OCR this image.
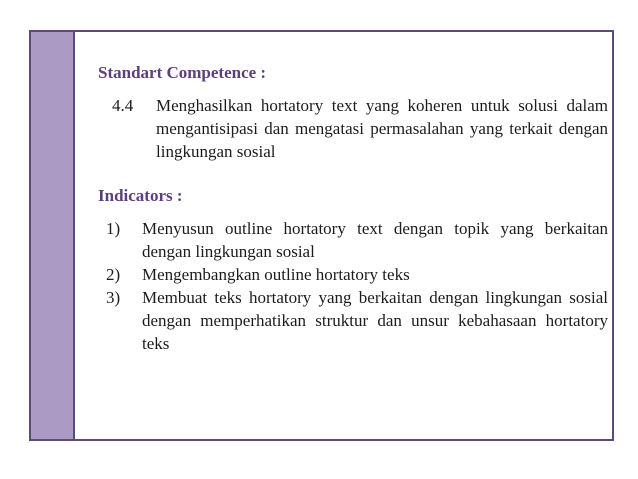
Standart Competence :

4.4	Menghasilkan hortatory text yang koheren untuk solusi dalam mengantisipasi dan mengatasi permasalahan yang terkait dengan lingkungan sosial

Indicators :

1)	Menyusun outline hortatory text dengan topik yang berkaitan dengan lingkungan sosial
2)	Mengembangkan outline hortatory teks
3)	Membuat teks hortatory yang berkaitan dengan lingkungan sosial dengan memperhatikan struktur dan unsur kebahasaan hortatory teks
